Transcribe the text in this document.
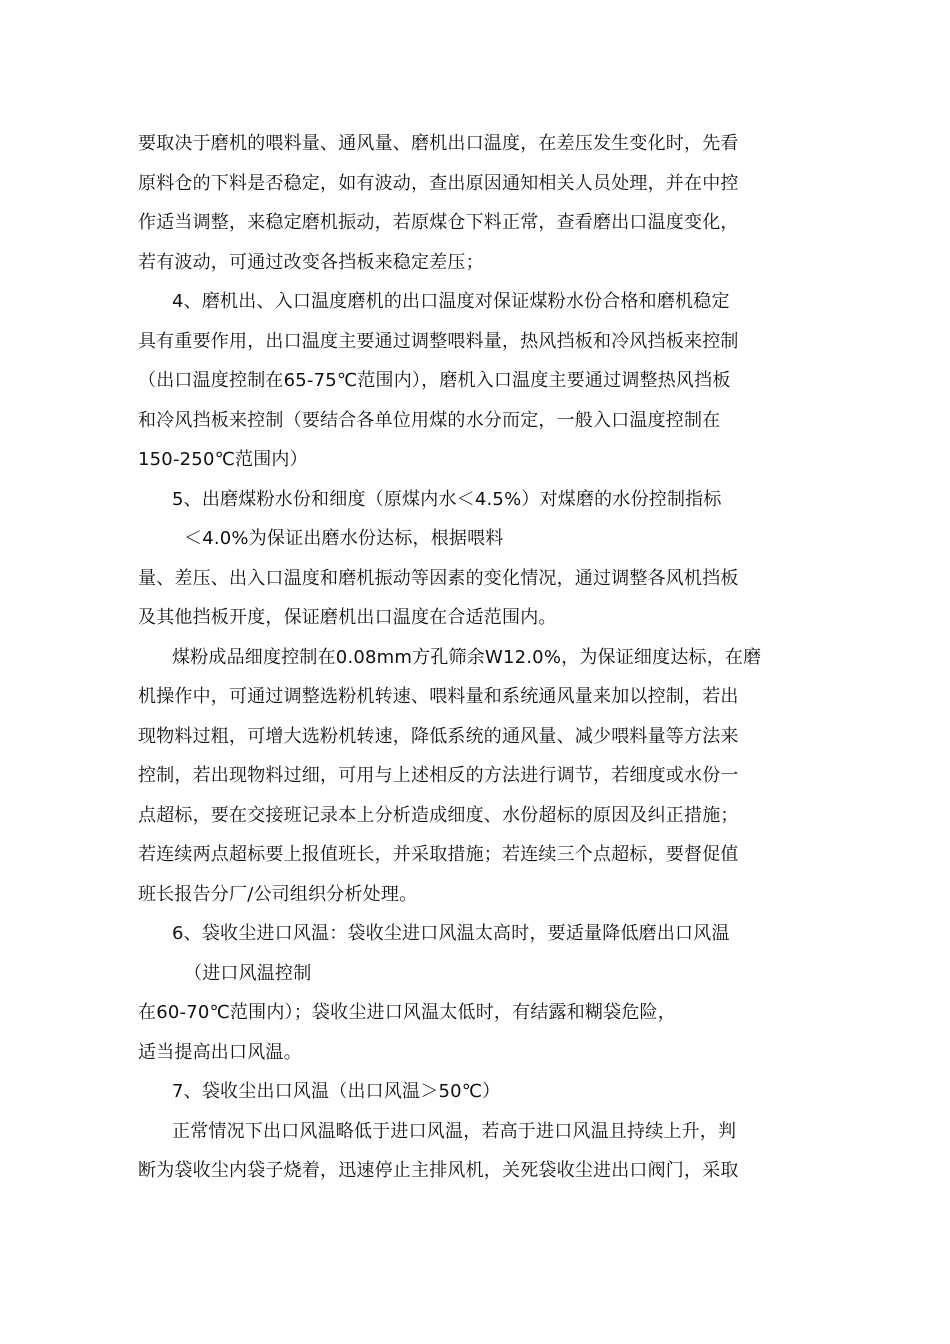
要取决于磨机的喂料量、通风量、磨机出口温度，在差压发生变化时，先看
原料仓的下料是否稳定，如有波动，查出原因通知相关人员处理，并在中控
作适当调整，来稳定磨机振动，若原煤仓下料正常，查看磨出口温度变化，
若有波动，可通过改变各挡板来稳定差压；
4、磨机出、入口温度磨机的出口温度对保证煤粉水份合格和磨机稳定
具有重要作用，出口温度主要通过调整喂料量，热风挡板和冷风挡板来控制
（出口温度控制在65-75℃范围内），磨机入口温度主要通过调整热风挡板
和冷风挡板来控制（要结合各单位用煤的水分而定，一般入口温度控制在
150-250℃范围内）
5、出磨煤粉水份和细度（原煤内水＜4.5%）对煤磨的水份控制指标
＜4.0%为保证出磨水份达标，根据喂料
量、差压、出入口温度和磨机振动等因素的变化情况，通过调整各风机挡板
及其他挡板开度，保证磨机出口温度在合适范围内。
煤粉成品细度控制在0.08mm方孔筛余W12.0%，为保证细度达标，在磨
机操作中，可通过调整选粉机转速、喂料量和系统通风量来加以控制，若出
现物料过粗，可增大选粉机转速，降低系统的通风量、减少喂料量等方法来
控制，若出现物料过细，可用与上述相反的方法进行调节，若细度或水份一
点超标，要在交接班记录本上分析造成细度、水份超标的原因及纠正措施；
若连续两点超标要上报值班长，并采取措施；若连续三个点超标，要督促值
班长报告分厂/公司组织分析处理。
6、袋收尘进口风温：袋收尘进口风温太高时，要适量降低磨出口风温
（进口风温控制
在60-70℃范围内）；袋收尘进口风温太低时，有结露和糊袋危险，
适当提高出口风温。
7、袋收尘出口风温（出口风温＞50℃）
正常情况下出口风温略低于进口风温，若高于进口风温且持续上升，判
断为袋收尘内袋子烧着，迅速停止主排风机，关死袋收尘进出口阀门，采取
